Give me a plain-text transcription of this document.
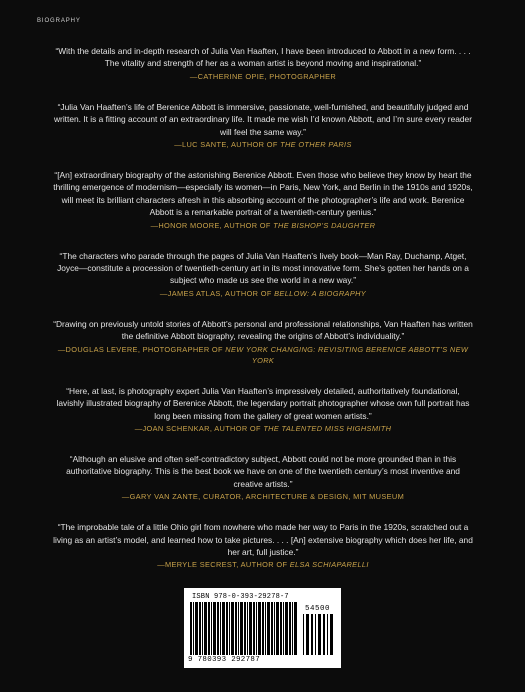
BIOGRAPHY

“With the details and in-depth research of Julia Van Haaften, I have been introduced to Abbott in a new form. . . . The vitality and strength of her as a woman artist is beyond moving and inspirational.”

—CATHERINE OPIE, PHOTOGRAPHER

“Julia Van Haaften’s life of Berenice Abbott is immersive, passionate, well-furnished, and beautifully judged and written. It is a fitting account of an extraordinary life. It made me wish I’d known Abbott, and I’m sure every reader will feel the same way.”

—LUC SANTE, AUTHOR OF THE OTHER PARIS

“[An] extraordinary biography of the astonishing Berenice Abbott. Even those who believe they know by heart the thrilling emergence of modernism—especially its women—in Paris, New York, and Berlin in the 1910s and 1920s, will meet its brilliant characters afresh in this absorbing account of the photographer’s life and work. Berenice Abbott is a remarkable portrait of a twentieth-century genius.”

—HONOR MOORE, AUTHOR OF THE BISHOP’S DAUGHTER

“The characters who parade through the pages of Julia Van Haaften’s lively book—Man Ray, Duchamp, Atget, Joyce—constitute a procession of twentieth-century art in its most innovative form. She’s gotten her hands on a subject who made us see the world in a new way.”

—JAMES ATLAS, AUTHOR OF BELLOW: A BIOGRAPHY

“Drawing on previously untold stories of Abbott’s personal and professional relationships, Van Haaften has written the definitive Abbott biography, revealing the origins of Abbott’s individuality.”

—DOUGLAS LEVERE, PHOTOGRAPHER OF NEW YORK CHANGING: REVISITING BERENICE ABBOTT’S NEW YORK

“Here, at last, is photography expert Julia Van Haaften’s impressively detailed, authoritatively foundational, lavishly illustrated biography of Berenice Abbott, the legendary portrait photographer whose own full portrait has long been missing from the gallery of great women artists.”

—JOAN SCHENKAR, AUTHOR OF THE TALENTED MISS HIGHSMITH

“Although an elusive and often self-contradictory subject, Abbott could not be more grounded than in this authoritative biography. This is the best book we have on one of the twentieth century’s most inventive and creative artists.”

—GARY VAN ZANTE, CURATOR, ARCHITECTURE & DESIGN, MIT MUSEUM

“The improbable tale of a little Ohio girl from nowhere who made her way to Paris in the 1920s, scratched out a living as an artist’s model, and learned how to take pictures. . . . [An] extensive biography which does her life, and her art, full justice.”

—MERYLE SECREST, AUTHOR OF ELSA SCHIAPARELLI
ISBN 978-0-393-29278-7
54500
9 780393 292787
